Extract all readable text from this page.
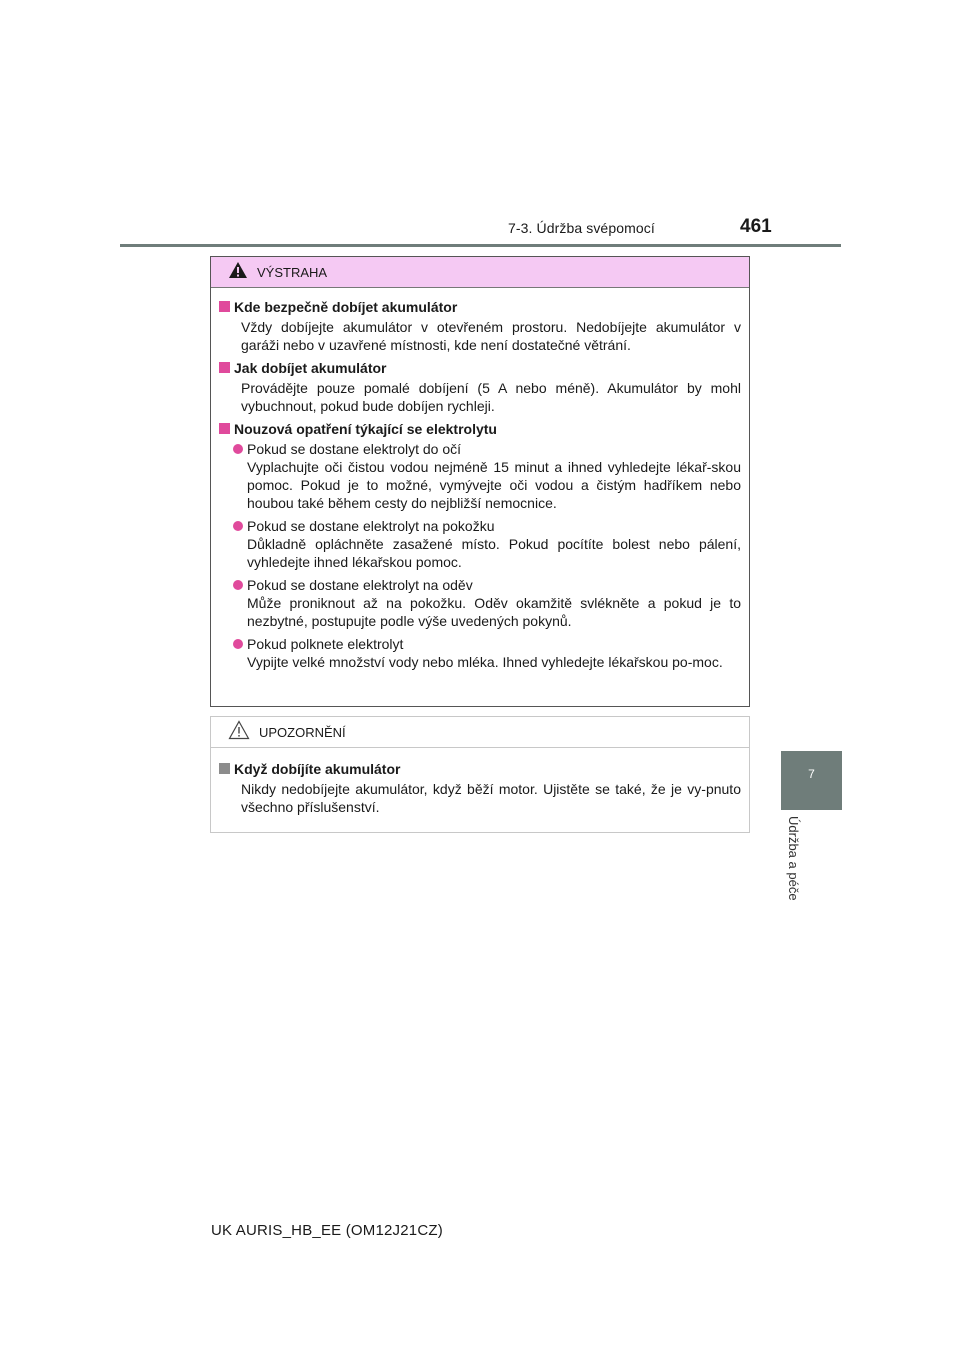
7-3. Údržba svépomocí	461
7
Údržba a péče
VÝSTRAHA
Kde bezpečně dobíjet akumulátor
Vždy dobíjejte akumulátor v otevřeném prostoru. Nedobíjejte akumulátor v garáži nebo v uzavřené místnosti, kde není dostatečné větrání.
Jak dobíjet akumulátor
Provádějte pouze pomalé dobíjení (5 A nebo méně). Akumulátor by mohl vybuchnout, pokud bude dobíjen rychleji.
Nouzová opatření týkající se elektrolytu
Pokud se dostane elektrolyt do očí
Vyplachujte oči čistou vodou nejméně 15 minut a ihned vyhledejte lékař-skou pomoc. Pokud je to možné, vymývejte oči vodou a čistým hadříkem nebo houbou také během cesty do nejbližší nemocnice.
Pokud se dostane elektrolyt na pokožku
Důkladně opláchněte zasažené místo. Pokud pocítíte bolest nebo pálení, vyhledejte ihned lékařskou pomoc.
Pokud se dostane elektrolyt na oděv
Může proniknout až na pokožku. Oděv okamžitě svlékněte a pokud je to nezbytné, postupujte podle výše uvedených pokynů.
Pokud polknete elektrolyt
Vypijte velké množství vody nebo mléka. Ihned vyhledejte lékařskou po-moc.
UPOZORNĚNÍ
Když dobíjíte akumulátor
Nikdy nedobíjejte akumulátor, když běží motor. Ujistěte se také, že je vy-pnuto všechno příslušenství.
UK AURIS_HB_EE (OM12J21CZ)
